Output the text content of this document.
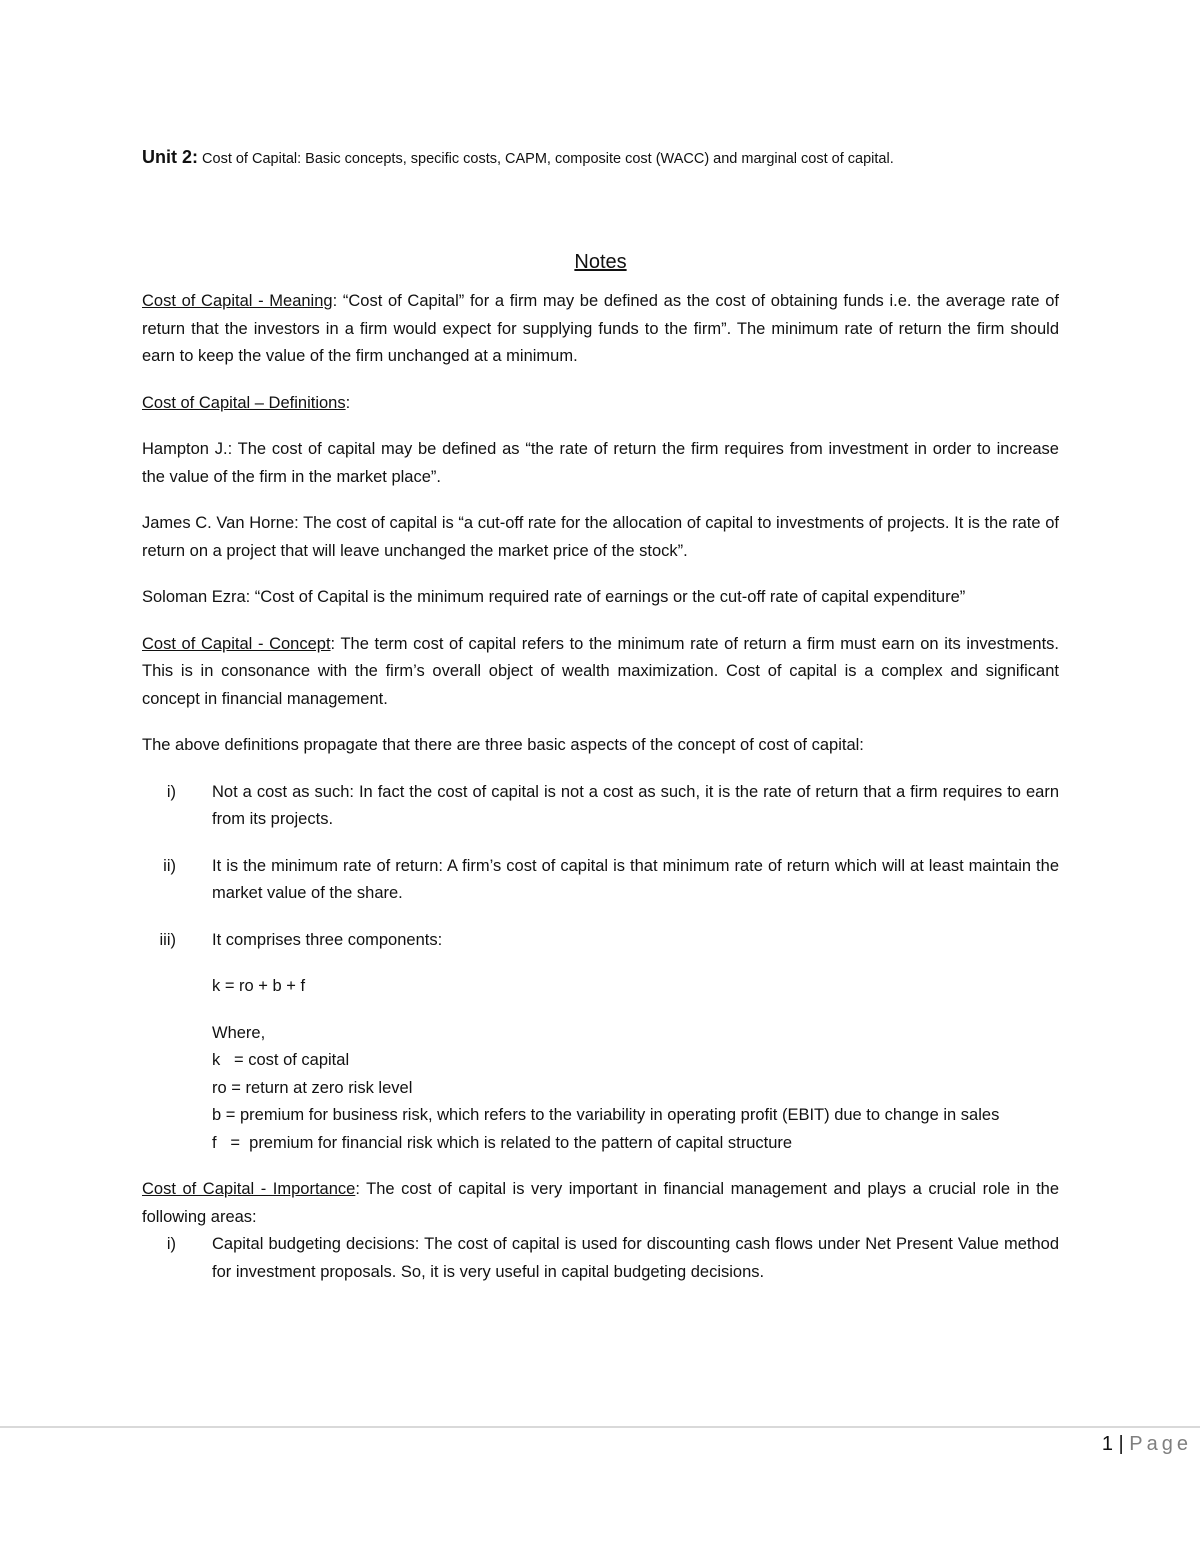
Unit 2: Cost of Capital: Basic concepts, specific costs, CAPM, composite cost (WACC) and marginal cost of capital.

Notes

Cost of Capital - Meaning: “Cost of Capital” for a firm may be defined as the cost of obtaining funds i.e. the average rate of return that the investors in a firm would expect for supplying funds to the firm”. The minimum rate of return the firm should earn to keep the value of the firm unchanged at a minimum.

Cost of Capital – Definitions:

Hampton J.: The cost of capital may be defined as “the rate of return the firm requires from investment in order to increase the value of the firm in the market place”.

James C. Van Horne: The cost of capital is “a cut-off rate for the allocation of capital to investments of projects. It is the rate of return on a project that will leave unchanged the market price of the stock”.

Soloman Ezra: “Cost of Capital is the minimum required rate of earnings or the cut-off rate of capital expenditure”

Cost of Capital - Concept: The term cost of capital refers to the minimum rate of return a firm must earn on its investments. This is in consonance with the firm’s overall object of wealth maximization. Cost of capital is a complex and significant concept in financial management.

The above definitions propagate that there are three basic aspects of the concept of cost of capital:

i) Not a cost as such: In fact the cost of capital is not a cost as such, it is the rate of return that a firm requires to earn from its projects.
ii) It is the minimum rate of return: A firm’s cost of capital is that minimum rate of return which will at least maintain the market value of the share.
iii) It comprises three components:
k = ro + b + f
Where,
k   = cost of capital
ro = return at zero risk level
b = premium for business risk, which refers to the variability in operating profit (EBIT) due to change in sales
f   =  premium for financial risk which is related to the pattern of capital structure

Cost of Capital - Importance: The cost of capital is very important in financial management and plays a crucial role in the following areas:

i) Capital budgeting decisions: The cost of capital is used for discounting cash flows under Net Present Value method for investment proposals. So, it is very useful in capital budgeting decisions.
1 | Page
